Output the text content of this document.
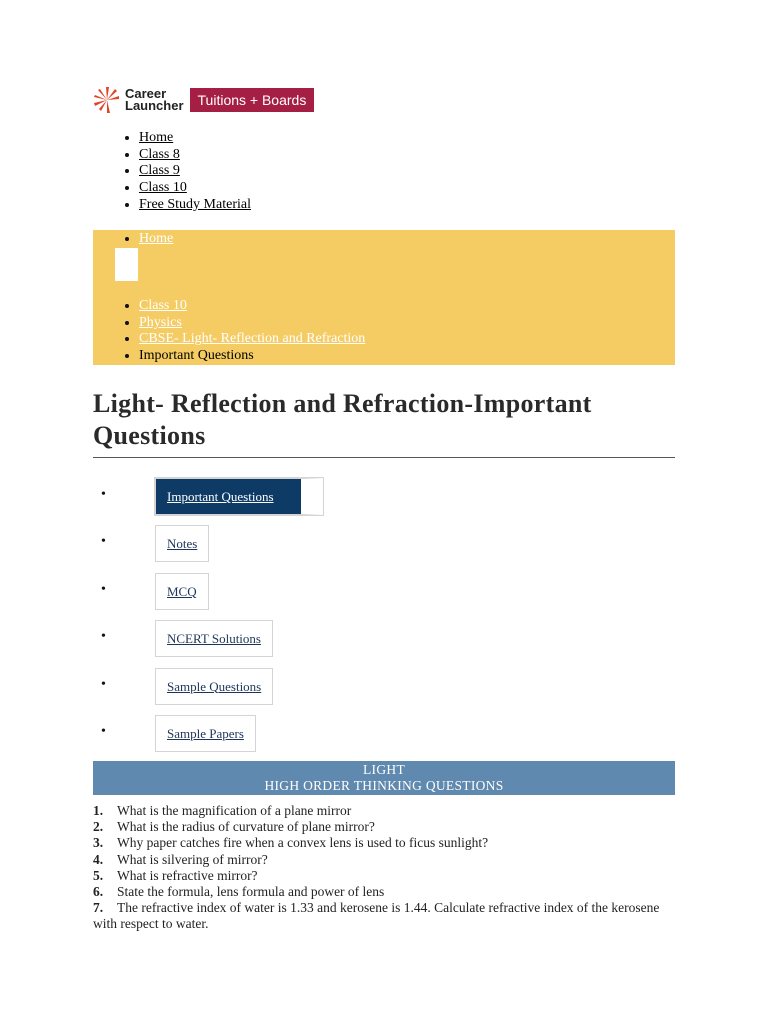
Career
Launcher	Tuitions + Boards
• Home
• Class 8
• Class 9
• Class 10
• Free Study Material
• Home
• Class 10
• Physics
• CBSE- Light- Reflection and Refraction
• Important Questions
Light- Reflection and Refraction-Important Questions
Important Questions
Notes
MCQ
NCERT Solutions
Sample Questions
Sample Papers
LIGHT
HIGH ORDER THINKING QUESTIONS
1. What is the magnification of a plane mirror
2. What is the radius of curvature of plane mirror?
3. Why paper catches fire when a convex lens is used to ficus sunlight?
4. What is silvering of mirror?
5. What is refractive mirror?
6. State the formula, lens formula and power of lens
7. The refractive index of water is 1.33 and kerosene is 1.44. Calculate refractive index of the kerosene with respect to water.
